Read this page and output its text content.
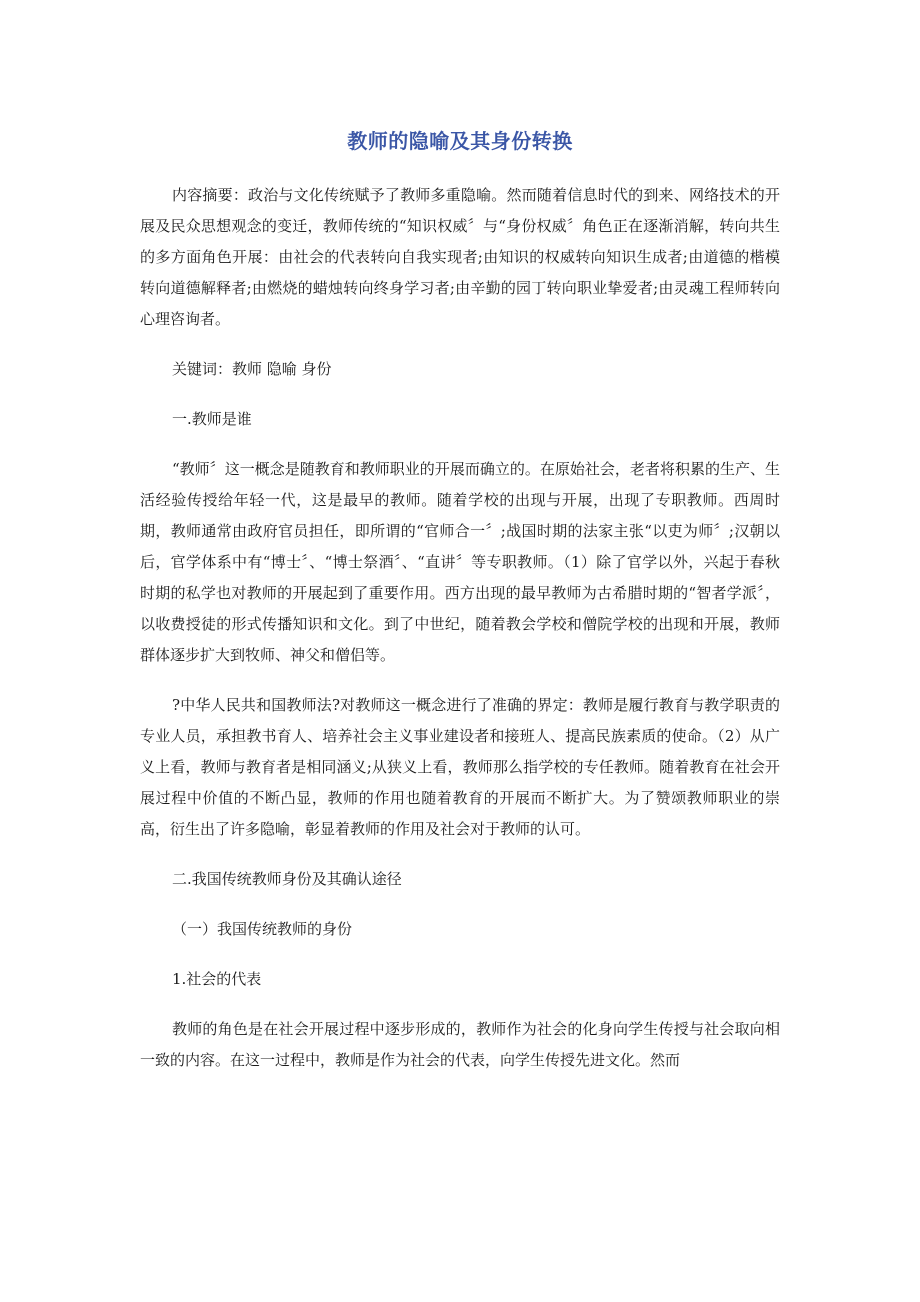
教师的隐喻及其身份转换

内容摘要：政治与文化传统赋予了教师多重隐喻。然而随着信息时代的到来、网络技术的开展及民众思想观念的变迁，教师传统的“知识权威〞与“身份权威〞角色正在逐渐消解，转向共生的多方面角色开展：由社会的代表转向自我实现者;由知识的权威转向知识生成者;由道德的楷模转向道德解释者;由燃烧的蜡烛转向终身学习者;由辛勤的园丁转向职业挚爱者;由灵魂工程师转向心理咨询者。

关键词：教师 隐喻 身份

一.教师是谁

“教师〞这一概念是随教育和教师职业的开展而确立的。在原始社会，老者将积累的生产、生活经验传授给年轻一代，这是最早的教师。随着学校的出现与开展，出现了专职教师。西周时期，教师通常由政府官员担任，即所谓的“官师合一〞;战国时期的法家主张“以吏为师〞;汉朝以后，官学体系中有“博士〞、“博士祭酒〞、“直讲〞等专职教师。（1）除了官学以外，兴起于春秋时期的私学也对教师的开展起到了重要作用。西方出现的最早教师为古希腊时期的“智者学派〞，以收费授徒的形式传播知识和文化。到了中世纪，随着教会学校和僧院学校的出现和开展，教师群体逐步扩大到牧师、神父和僧侣等。

?中华人民共和国教师法?对教师这一概念进行了准确的界定：教师是履行教育与教学职责的专业人员，承担教书育人、培养社会主义事业建设者和接班人、提高民族素质的使命。（2）从广义上看，教师与教育者是相同涵义;从狭义上看，教师那么指学校的专任教师。随着教育在社会开展过程中价值的不断凸显，教师的作用也随着教育的开展而不断扩大。为了赞颂教师职业的崇高，衍生出了许多隐喻，彰显着教师的作用及社会对于教师的认可。

二.我国传统教师身份及其确认途径

（一）我国传统教师的身份

1.社会的代表

教师的角色是在社会开展过程中逐步形成的，教师作为社会的化身向学生传授与社会取向相一致的内容。在这一过程中，教师是作为社会的代表，向学生传授先进文化。然而
